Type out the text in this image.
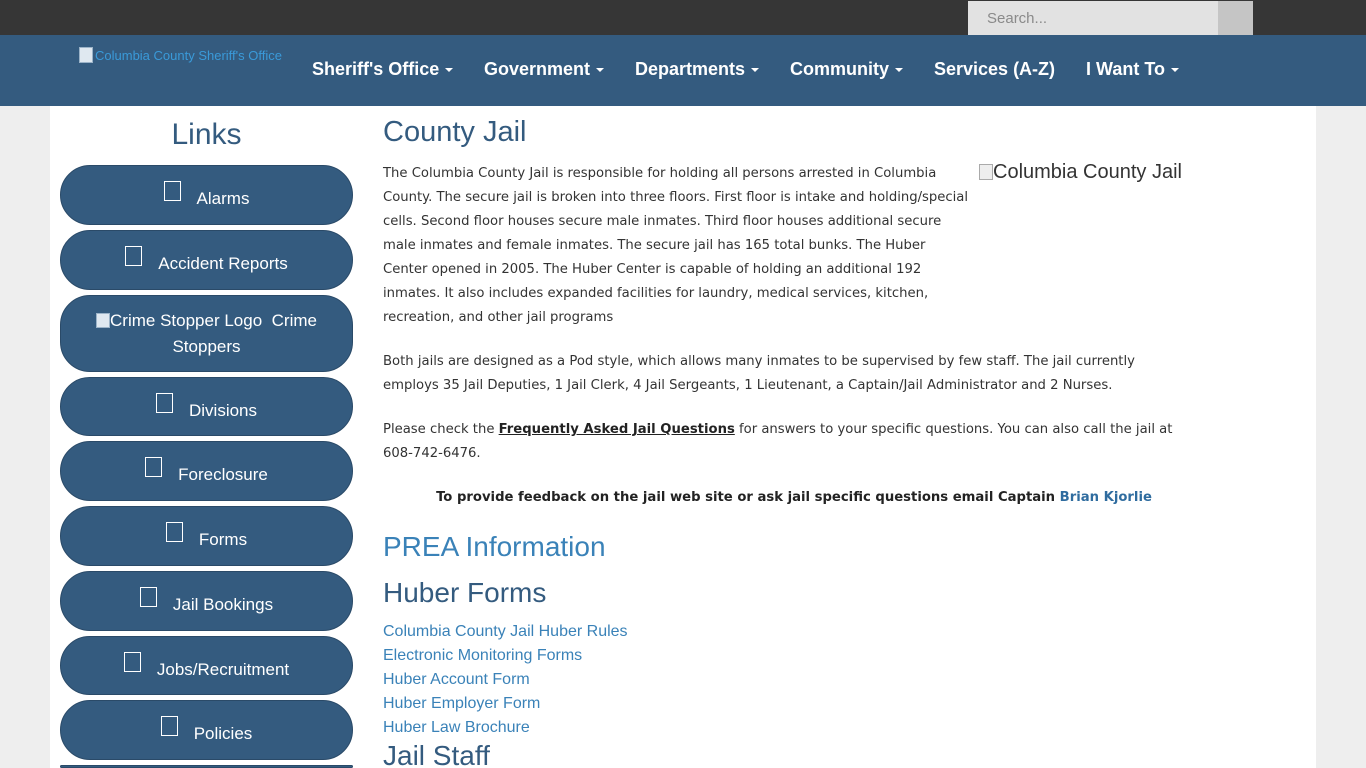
Search...
Columbia County Sheriff's Office
Sheriff's Office	Government	Departments	Community	Services (A-Z) I Want To
Links
Alarms
Accident Reports
Crime Stopper Logo Crime Stoppers
Divisions
Foreclosure
Forms
Jail Bookings
Jobs/Recruitment
Policies
County Jail
The Columbia County Jail is responsible for holding all persons arrested in Columbia County. The secure jail is broken into three floors. First floor is intake and holding/special cells. Second floor houses secure male inmates. Third floor houses additional secure male inmates and female inmates. The secure jail has 165 total bunks. The Huber Center opened in 2005. The Huber Center is capable of holding an additional 192 inmates. It also includes expanded facilities for laundry, medical services, kitchen, recreation, and other jail programs
Columbia County Jail
Both jails are designed as a Pod style, which allows many inmates to be supervised by few staff. The jail currently employs 35 Jail Deputies, 1 Jail Clerk, 4 Jail Sergeants, 1 Lieutenant, a Captain/Jail Administrator and 2 Nurses.
Please check the Frequently Asked Jail Questions for answers to your specific questions. You can also call the jail at 608-742-6476.
To provide feedback on the jail web site or ask jail specific questions email Captain Brian Kjorlie
PREA Information
Huber Forms
Columbia County Jail Huber Rules
Electronic Monitoring Forms
Huber Account Form
Huber Employer Form
Huber Law Brochure
Jail Staff
